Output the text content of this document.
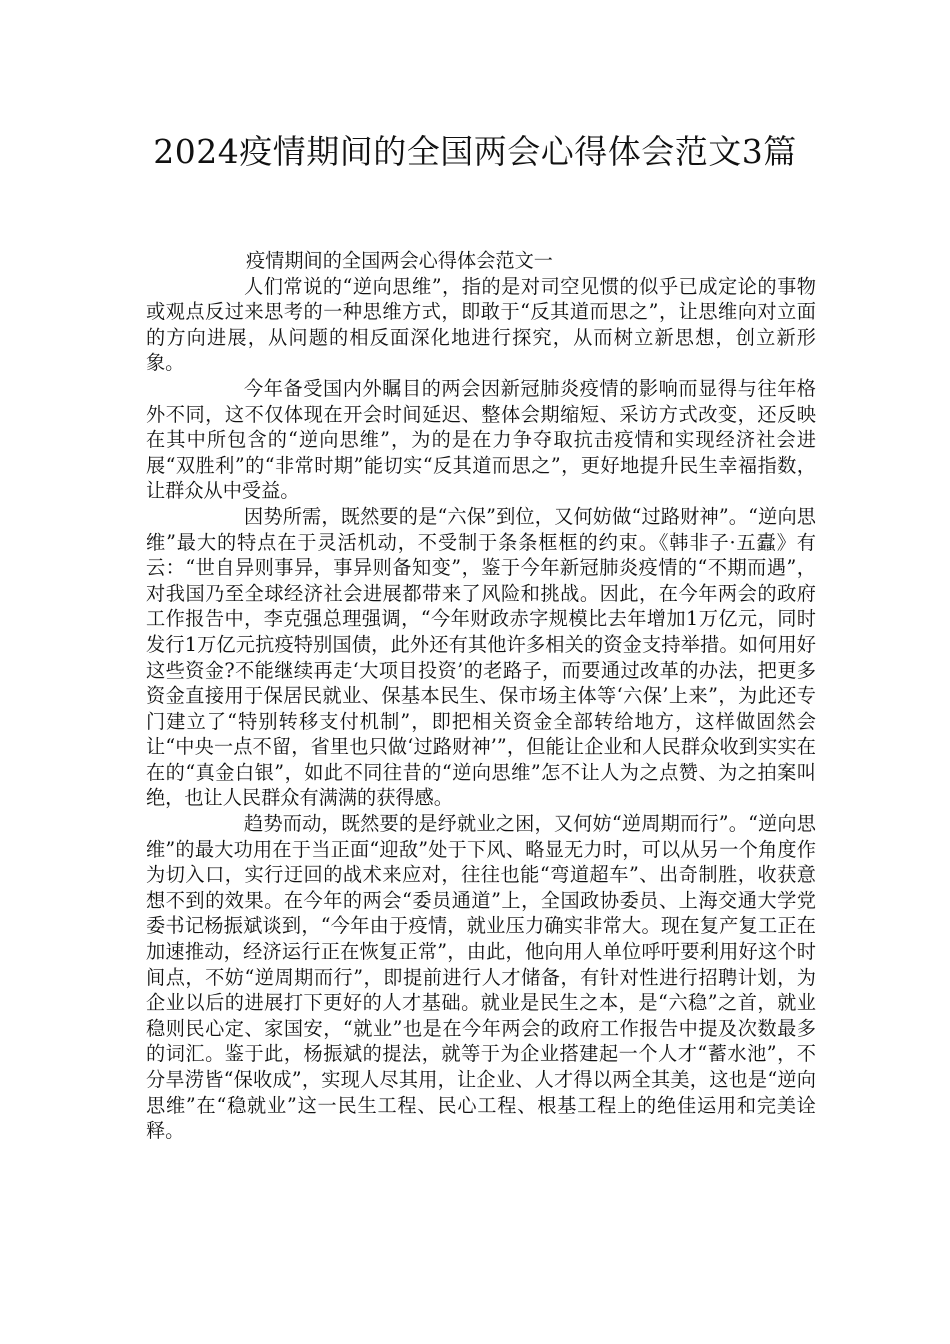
2024疫情期间的全国两会心得体会范文3篇
疫情期间的全国两会心得体会范文一

人们常说的“逆向思维”，指的是对司空见惯的似乎已成定论的事物或观点反过来思考的一种思维方式，即敢于“反其道而思之”，让思维向对立面的方向进展，从问题的相反面深化地进行探究，从而树立新思想，创立新形象。

今年备受国内外瞩目的两会因新冠肺炎疫情的影响而显得与往年格外不同，这不仅体现在开会时间延迟、整体会期缩短、采访方式改变，还反映在其中所包含的“逆向思维”，为的是在力争夺取抗击疫情和实现经济社会进展“双胜利”的“非常时期”能切实“反其道而思之”，更好地提升民生幸福指数，让群众从中受益。

因势所需，既然要的是“六保”到位，又何妨做“过路财神”。“逆向思维”最大的特点在于灵活机动，不受制于条条框框的约束。《韩非子·五蠹》有云：“世自异则事异，事异则备知变”，鉴于今年新冠肺炎疫情的“不期而遇”，对我国乃至全球经济社会进展都带来了风险和挑战。因此，在今年两会的政府工作报告中，李克强总理强调，“今年财政赤字规模比去年增加1万亿元，同时发行1万亿元抗疫特别国债，此外还有其他许多相关的资金支持举措。如何用好这些资金?不能继续再走‘大项目投资’的老路子，而要通过改革的办法，把更多资金直接用于保居民就业、保基本民生、保市场主体等‘六保’上来”，为此还专门建立了“特别转移支付机制”，即把相关资金全部转给地方，这样做固然会让“中央一点不留，省里也只做‘过路财神’”，但能让企业和人民群众收到实实在在的“真金白银”，如此不同往昔的“逆向思维”怎不让人为之点赞、为之拍案叫绝，也让人民群众有满满的获得感。

趋势而动，既然要的是纾就业之困，又何妨“逆周期而行”。“逆向思维”的最大功用在于当正面“迎敌”处于下风、略显无力时，可以从另一个角度作为切入口，实行迂回的战术来应对，往往也能“弯道超车”、出奇制胜，收获意想不到的效果。在今年的两会“委员通道”上，全国政协委员、上海交通大学党委书记杨振斌谈到，“今年由于疫情，就业压力确实非常大。现在复产复工正在加速推动，经济运行正在恢复正常”，由此，他向用人单位呼吁要利用好这个时间点，不妨“逆周期而行”，即提前进行人才储备，有针对性进行招聘计划，为企业以后的进展打下更好的人才基础。就业是民生之本，是“六稳”之首，就业稳则民心定、家国安，“就业”也是在今年两会的政府工作报告中提及次数最多的词汇。鉴于此，杨振斌的提法，就等于为企业搭建起一个人才“蓄水池”，不分旱涝皆“保收成”，实现人尽其用，让企业、人才得以两全其美，这也是“逆向思维”在“稳就业”这一民生工程、民心工程、根基工程上的绝佳运用和完美诠释。
